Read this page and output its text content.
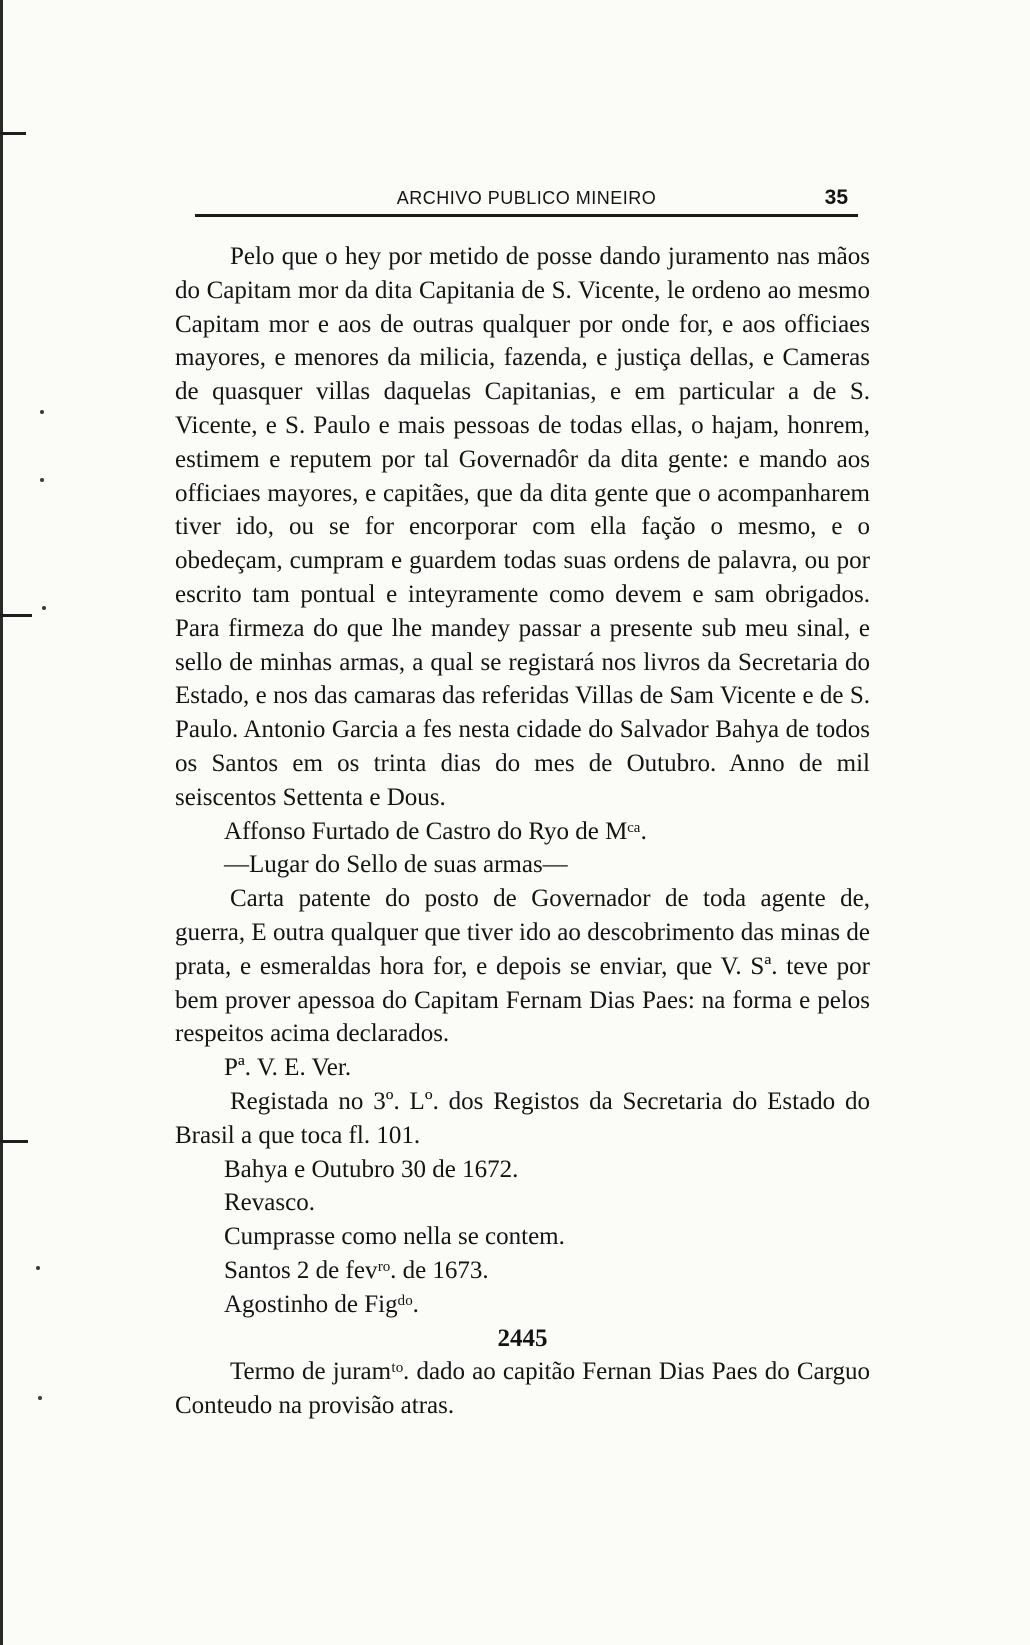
ARCHIVO PUBLICO MINEIRO	35

Pelo que o hey por metido de posse dando juramento nas mãos do Capitam mor da dita Capitania de S. Vicente, le ordeno ao mesmo Capitam mor e aos de outras qualquer por onde for, e aos officiaes mayores, e menores da milicia, fazenda, e justiça dellas, e Cameras de quasquer villas daquelas Capitanias, e em particular a de S. Vicente, e S. Paulo e mais pessoas de todas ellas, o hajam, honrem, estimem e reputem por tal Governadôr da dita gente: e mando aos officiaes mayores, e capitães, que da dita gente que o acompanharem tiver ido, ou se for encorporar com ella façăo o mesmo, e o obedeçam, cumpram e guardem todas suas ordens de palavra, ou por escrito tam pontual e inteyramente como devem e sam obrigados. Para firmeza do que lhe mandey passar a presente sub meu sinal, e sello de minhas armas, a qual se registará nos livros da Secretaria do Estado, e nos das camaras das referidas Villas de Sam Vicente e de S. Paulo. Antonio Garcia a fes nesta cidade do Salvador Bahya de todos os Santos em os trinta dias do mes de Outubro. Anno de mil seiscentos Settenta e Dous.

Affonso Furtado de Castro do Ryo de Mᶜᵃ.

—Lugar do Sello de suas armas—

Carta patente do posto de Governador de toda agente de, guerra, E outra qualquer que tiver ido ao descobrimento das minas de prata, e esmeraldas hora for, e depois se enviar, que V. Sª. teve por bem prover apessoa do Capitam Fernam Dias Paes: na forma e pelos respeitos acima declarados.

Pª. V. E. Ver.

Registada no 3º. Lº. dos Registos da Secretaria do Estado do Brasil a que toca fl. 101.

Bahya e Outubro 30 de 1672.

Revasco.

Cumprasse como nella se contem.

Santos 2 de fevʳᵒ. de 1673.

Agostinho de Figᵈᵒ.

2445

Termo de juramᵗᵒ. dado ao capitão Fernan Dias Paes do Carguo Conteudo na provisão atras.
